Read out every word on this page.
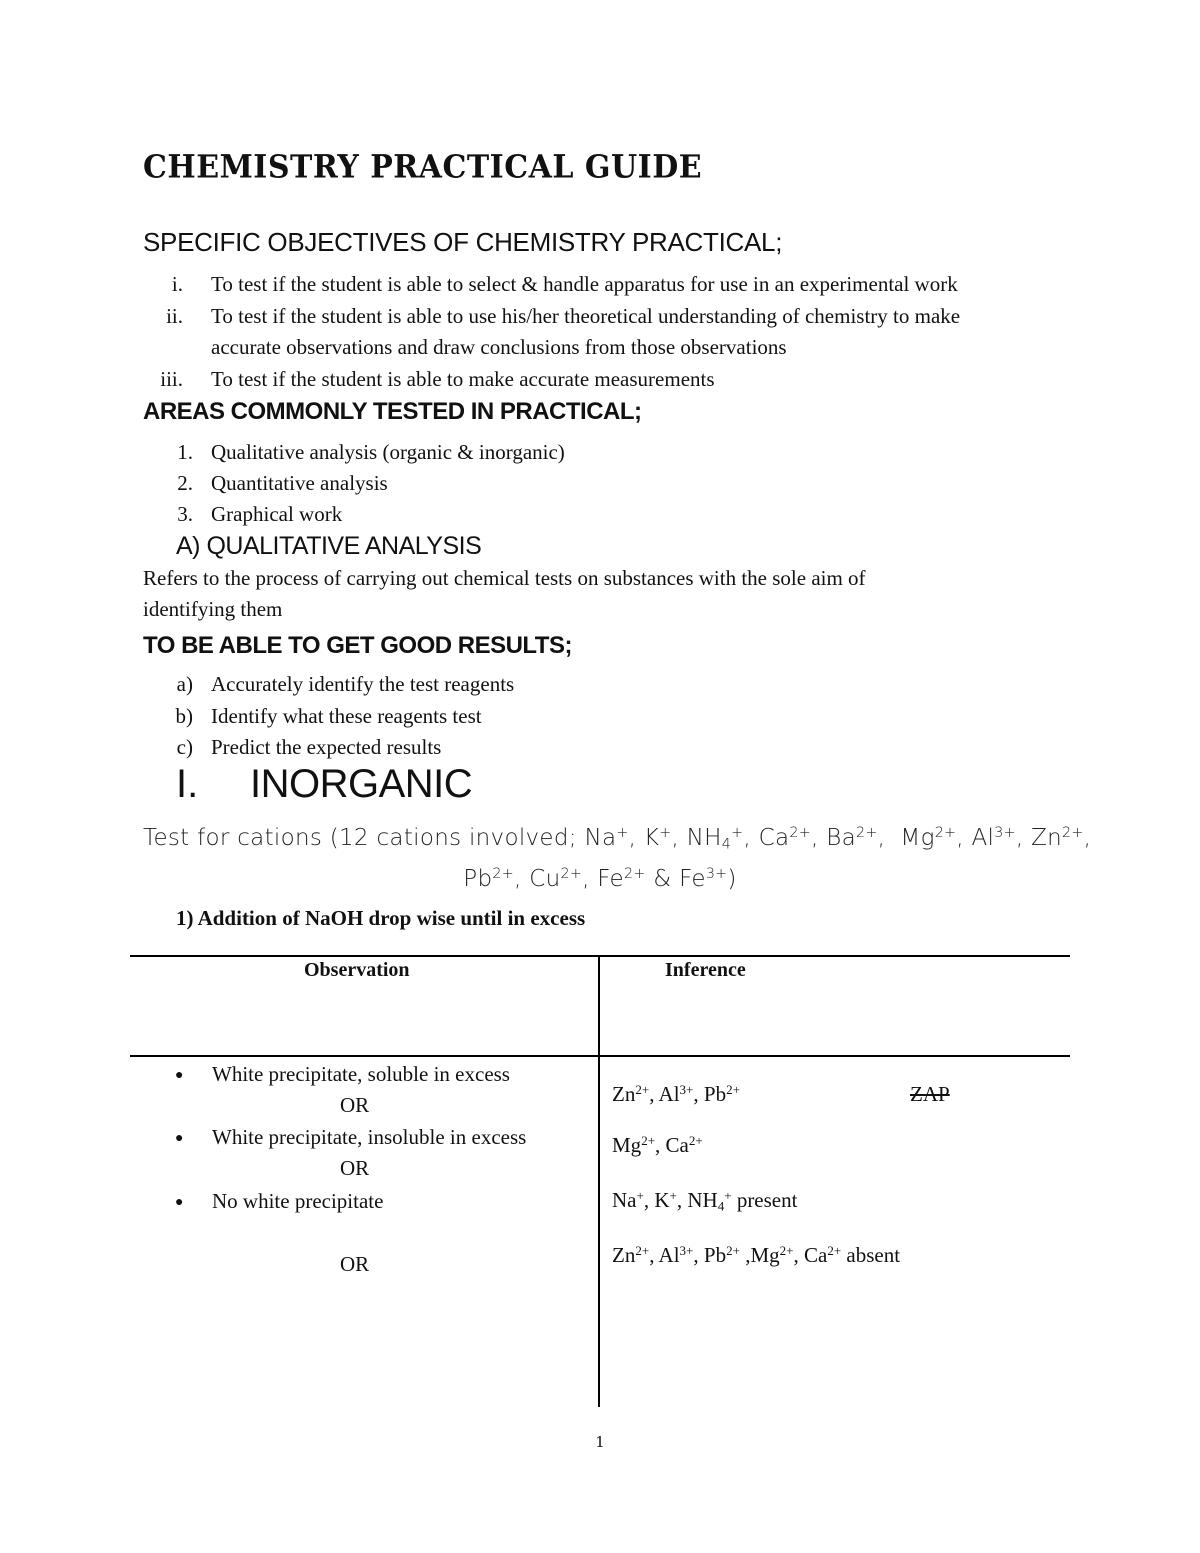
CHEMISTRY PRACTICAL GUIDE
SPECIFIC OBJECTIVES OF CHEMISTRY PRACTICAL;
i. To test if the student is able to select & handle apparatus for use in an experimental work
ii. To test if the student is able to use his/her theoretical understanding of chemistry to make
accurate observations and draw conclusions from those observations
iii. To test if the student is able to make accurate measurements
AREAS COMMONLY TESTED IN PRACTICAL;
1. Qualitative analysis (organic & inorganic)
2. Quantitative analysis
3. Graphical work
A) QUALITATIVE ANALYSIS
Refers to the process of carrying out chemical tests on substances with the sole aim of
identifying them
TO BE ABLE TO GET GOOD RESULTS;
a) Accurately identify the test reagents
b) Identify what these reagents test
c) Predict the expected results
I. INORGANIC
Test for cations (12 cations involved; Na+, K+, $NH_4^+$, $Ca^{2+}$, $Ba^{2+}$,  $Mg^{2+}$, $Al^{3+}$, $Zn^{2+}$,
$Pb^{2+}$, $Cu^{2+}$, $Fe^{2+}$ & $Fe^{3+}$)
1) Addition of NaOH drop wise until in excess
Observation	Inference
● White precipitate, soluble in excess
OR
● White precipitate, insoluble in excess
OR
● No white precipitate
OR
$Zn^{2+}$, $Al^{3+}$, $Pb^{2+}$	ZAP
$Mg^{2+}$, $Ca^{2+}$
Na+, K+, $NH_4^+$ present
$Zn^{2+}$, $Al^{3+}$, $Pb^{2+}$ $,Mg^{2+}$, $Ca^{2+}$ absent
1
